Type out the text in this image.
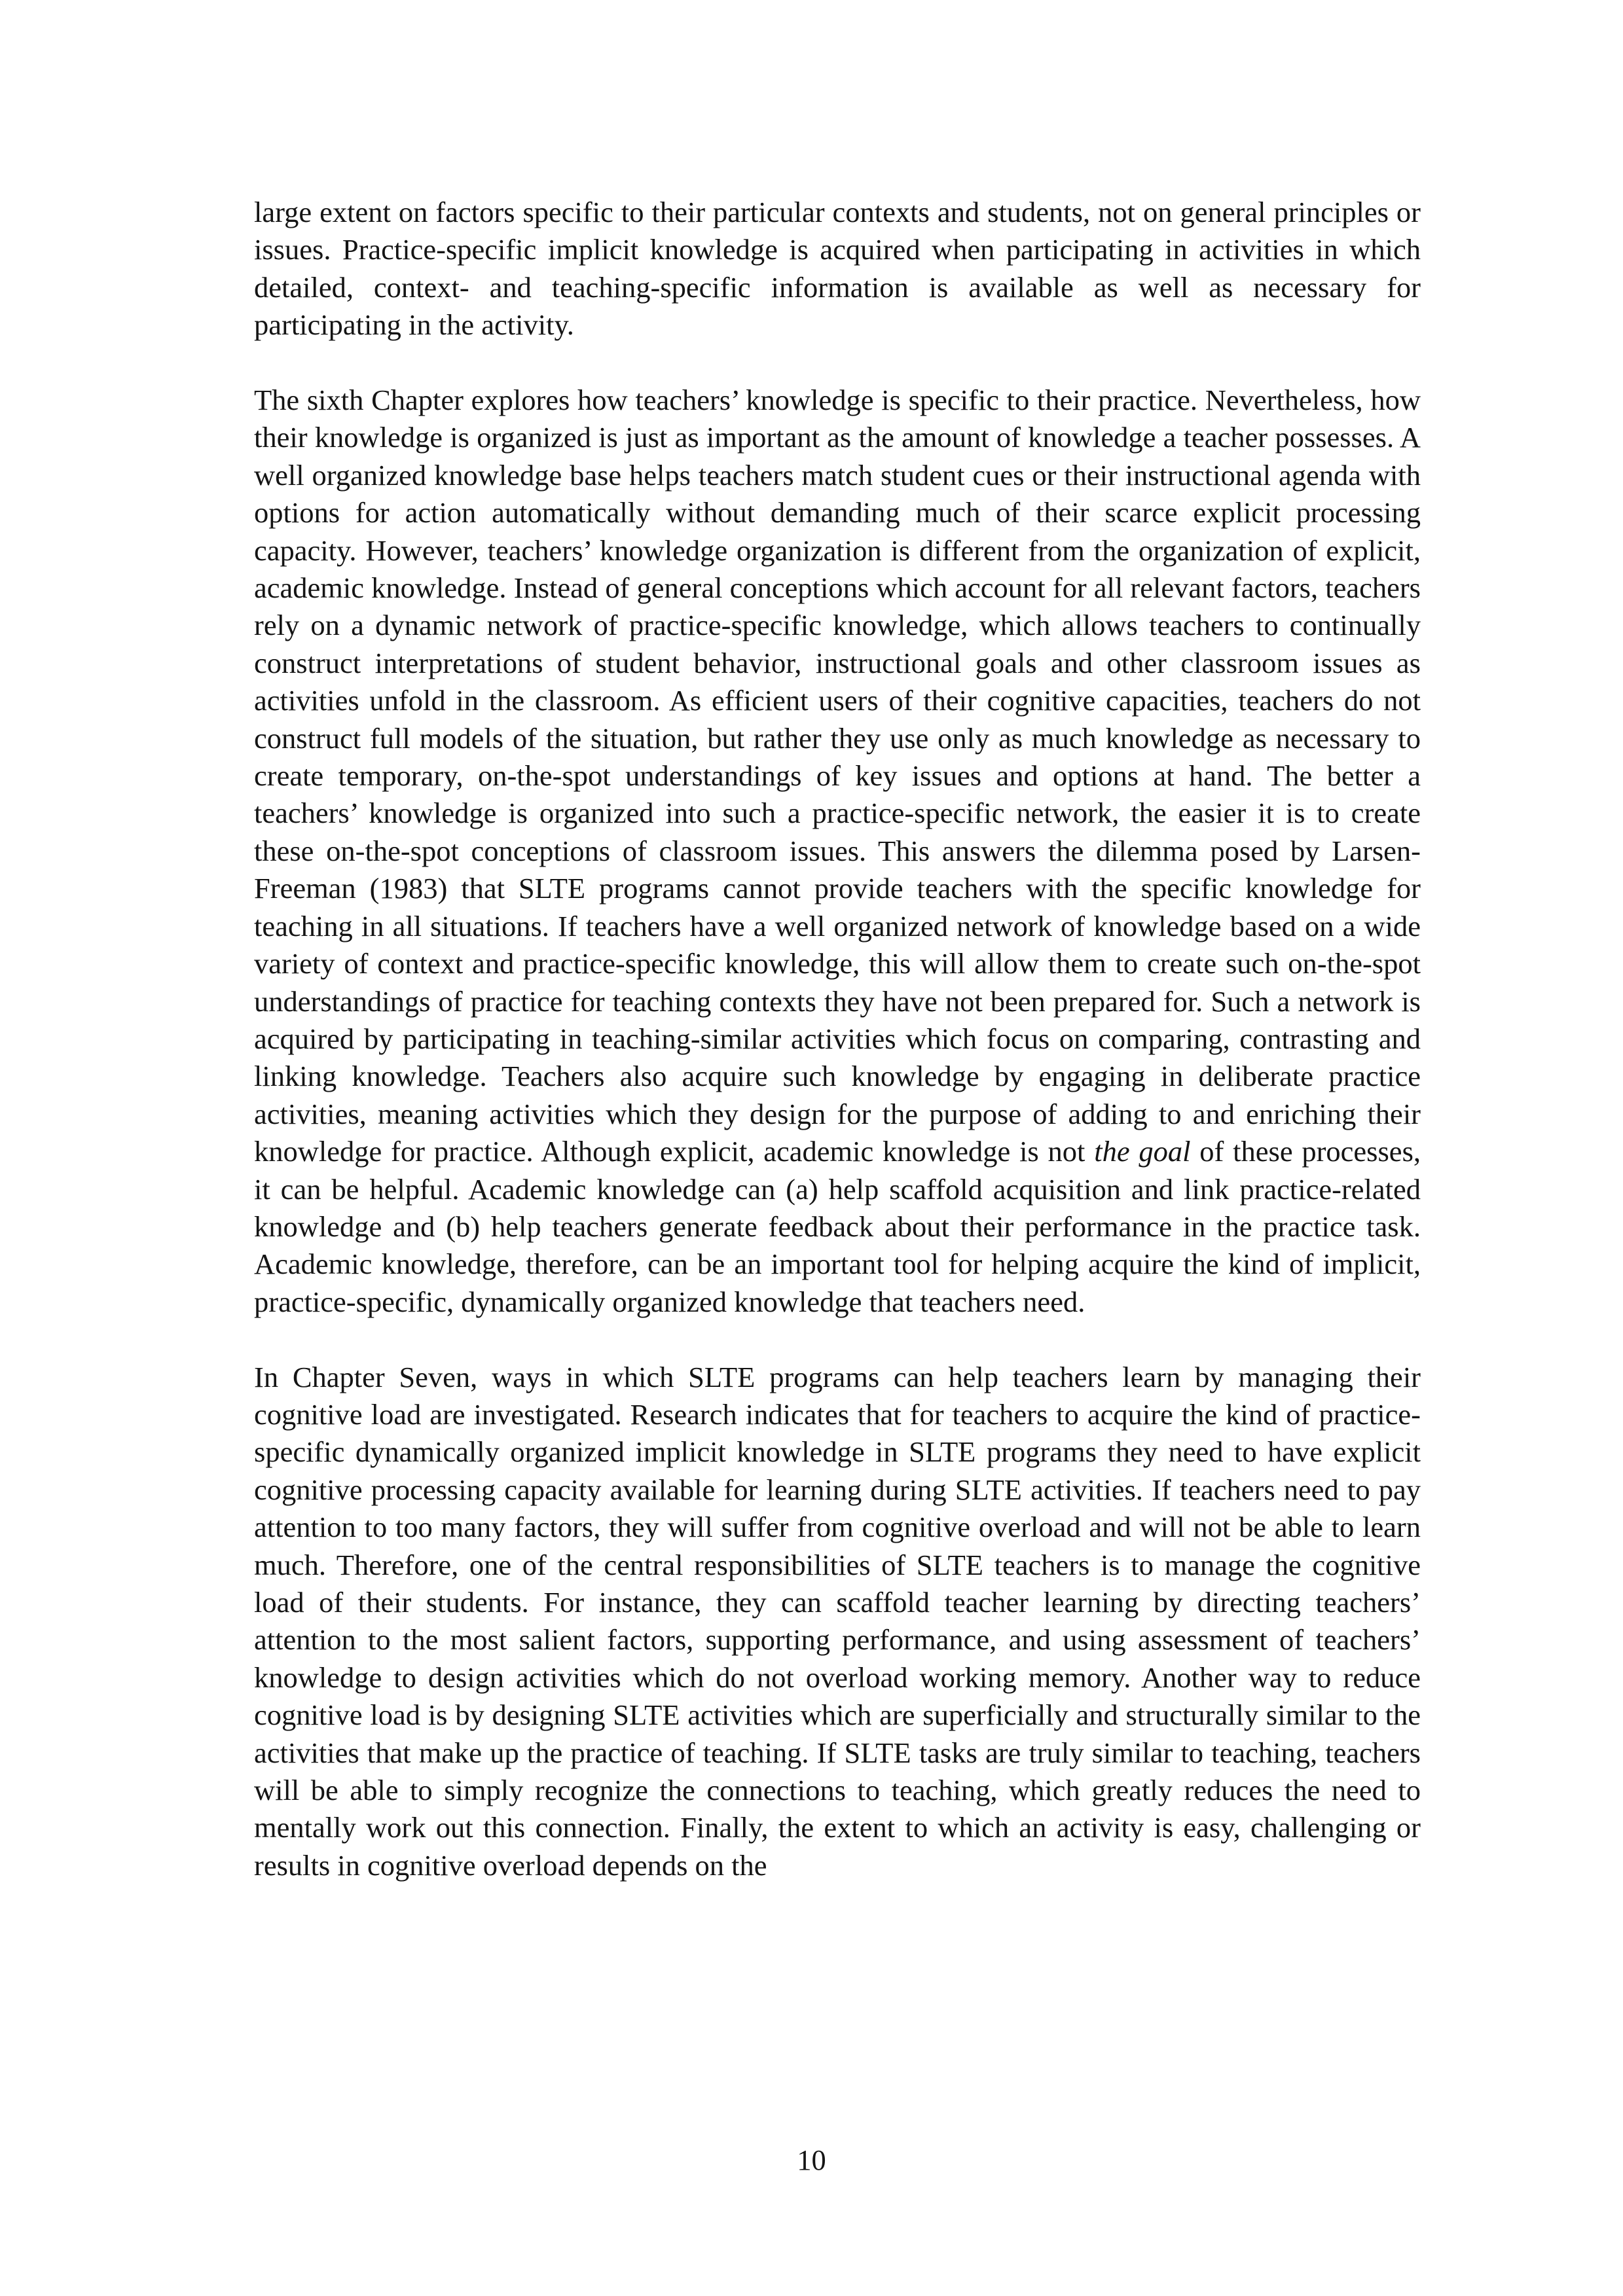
large extent on factors specific to their particular contexts and students, not on general principles or issues. Practice-specific implicit knowledge is acquired when participating in activities in which detailed, context- and teaching-specific information is available as well as necessary for participating in the activity.

The sixth Chapter explores how teachers’ knowledge is specific to their practice. Nevertheless, how their knowledge is organized is just as important as the amount of knowledge a teacher possesses. A well organized knowledge base helps teachers match student cues or their instructional agenda with options for action automatically without demanding much of their scarce explicit processing capacity. However, teachers’ knowledge organization is different from the organization of explicit, academic knowledge. Instead of general conceptions which account for all relevant factors, teachers rely on a dynamic network of practice-specific knowledge, which allows teachers to continually construct interpretations of student behavior, instructional goals and other classroom issues as activities unfold in the classroom. As efficient users of their cognitive capacities, teachers do not construct full models of the situation, but rather they use only as much knowledge as necessary to create temporary, on-the-spot understandings of key issues and options at hand. The better a teachers’ knowledge is organized into such a practice-specific network, the easier it is to create these on-the-spot conceptions of classroom issues. This answers the dilemma posed by Larsen-Freeman (1983) that SLTE programs cannot provide teachers with the specific knowledge for teaching in all situations. If teachers have a well organized network of knowledge based on a wide variety of context and practice-specific knowledge, this will allow them to create such on-the-spot understandings of practice for teaching contexts they have not been prepared for. Such a network is acquired by participating in teaching-similar activities which focus on comparing, contrasting and linking knowledge. Teachers also acquire such knowledge by engaging in deliberate practice activities, meaning activities which they design for the purpose of adding to and enriching their knowledge for practice. Although explicit, academic knowledge is not the goal of these processes, it can be helpful. Academic knowledge can (a) help scaffold acquisition and link practice-related knowledge and (b) help teachers generate feedback about their performance in the practice task. Academic knowledge, therefore, can be an important tool for helping acquire the kind of implicit, practice-specific, dynamically organized knowledge that teachers need.

In Chapter Seven, ways in which SLTE programs can help teachers learn by managing their cognitive load are investigated. Research indicates that for teachers to acquire the kind of practice-specific dynamically organized implicit knowledge in SLTE programs they need to have explicit cognitive processing capacity available for learning during SLTE activities. If teachers need to pay attention to too many factors, they will suffer from cognitive overload and will not be able to learn much. Therefore, one of the central responsibilities of SLTE teachers is to manage the cognitive load of their students. For instance, they can scaffold teacher learning by directing teachers’ attention to the most salient factors, supporting performance, and using assessment of teachers’ knowledge to design activities which do not overload working memory. Another way to reduce cognitive load is by designing SLTE activities which are superficially and structurally similar to the activities that make up the practice of teaching. If SLTE tasks are truly similar to teaching, teachers will be able to simply recognize the connections to teaching, which greatly reduces the need to mentally work out this connection. Finally, the extent to which an activity is easy, challenging or results in cognitive overload depends on the

10
